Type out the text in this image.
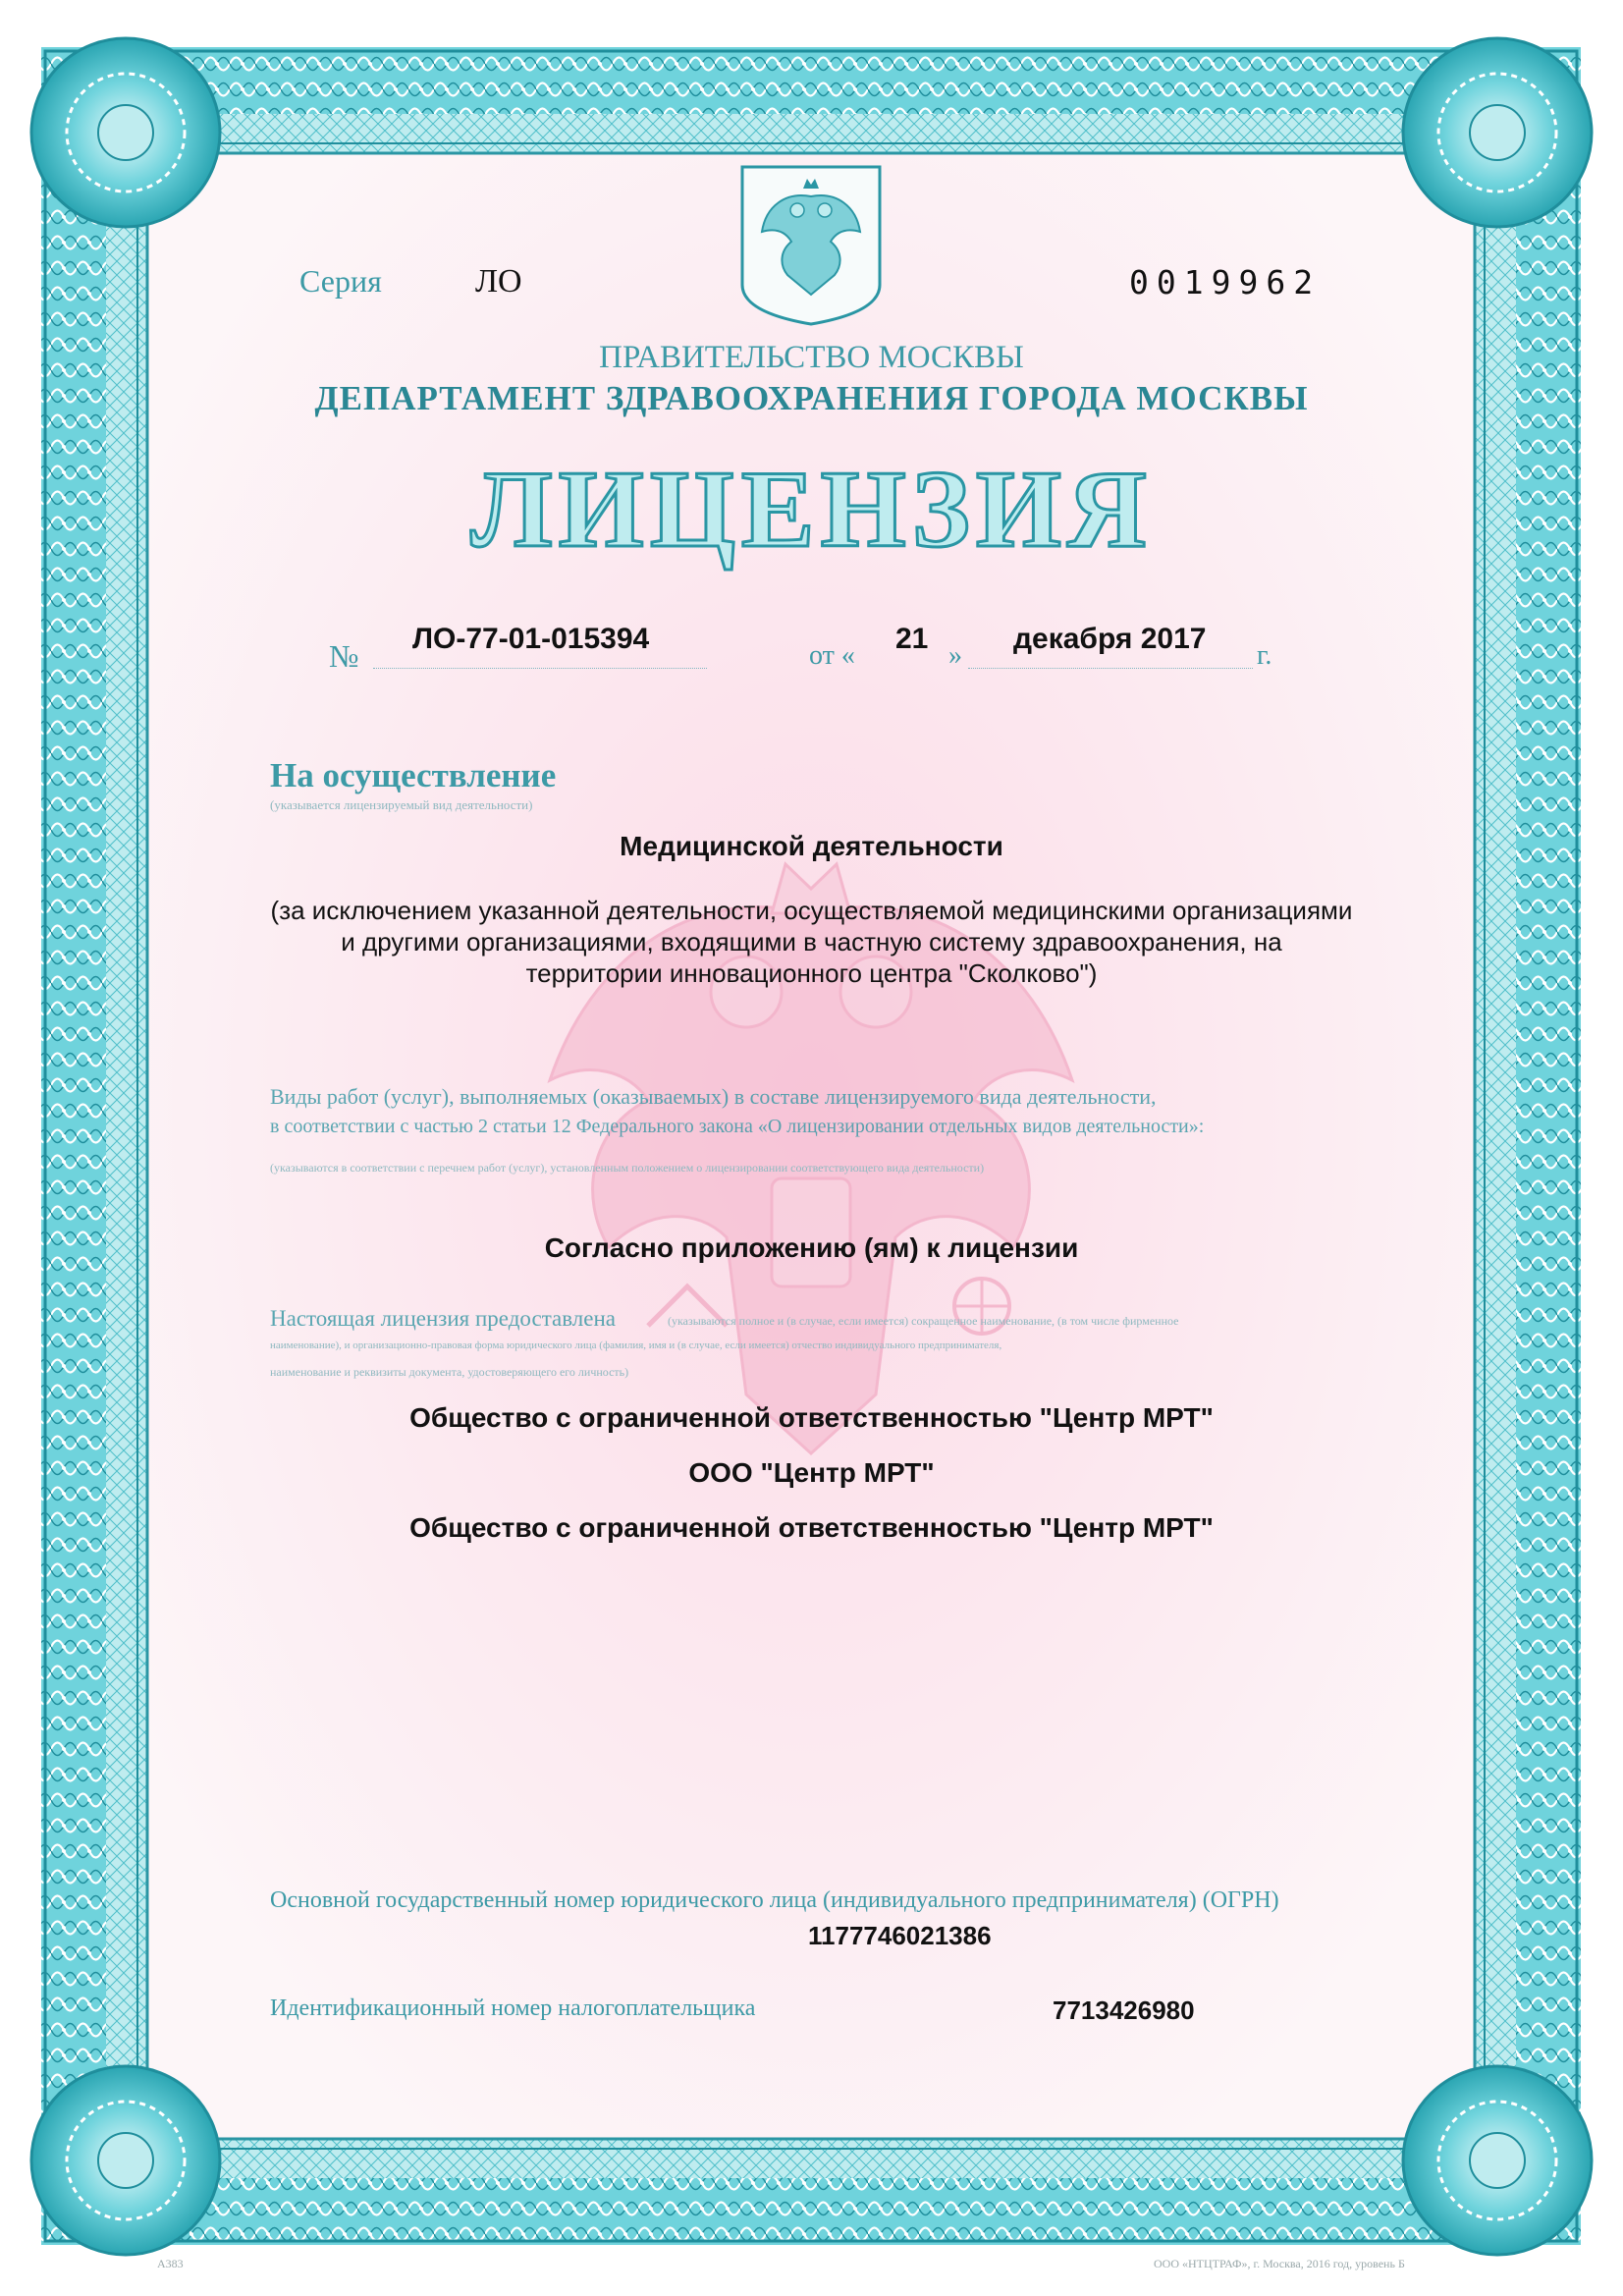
Серия	ЛО	0019962
ПРАВИТЕЛЬСТВО МОСКВЫ
ДЕПАРТАМЕНТ ЗДРАВООХРАНЕНИЯ ГОРОДА МОСКВЫ
ЛИЦЕНЗИЯ
№ ЛО-77-01-015394
от «
21
»
декабря 2017
г.
На осуществление
(указывается лицензируемый вид деятельности)
Медицинской деятельности
(за исключением указанной деятельности, осуществляемой медицинскими организациями
и другими организациями, входящими в частную систему здравоохранения, на
территории инновационного центра "Сколково")
Виды работ (услуг), выполняемых (оказываемых) в составе лицензируемого вида деятельности,
в соответствии с частью 2 статьи 12 Федерального закона «О лицензировании отдельных видов деятельности»:
(указываются в соответствии с перечнем работ (услуг), установленным положением о лицензировании соответствующего вида деятельности)
Согласно приложению (ям) к лицензии
Настоящая лицензия предоставлена	(указываются полное и (в случае, если имеется) сокращенное наименование, (в том числе фирменное
наименование), и организационно-правовая форма юридического лица (фамилия, имя и (в случае, если имеется) отчество индивидуального предпринимателя,
наименование и реквизиты документа, удостоверяющего его личность)
Общество с ограниченной ответственностью "Центр МРТ"
ООО "Центр МРТ"
Общество с ограниченной ответственностью "Центр МРТ"
Основной государственный номер юридического лица (индивидуального предпринимателя) (ОГРН)
1177746021386
Идентификационный номер налогоплательщика	7713426980
А383	ООО «НТЦТРАФ», г. Москва, 2016 год, уровень Б
